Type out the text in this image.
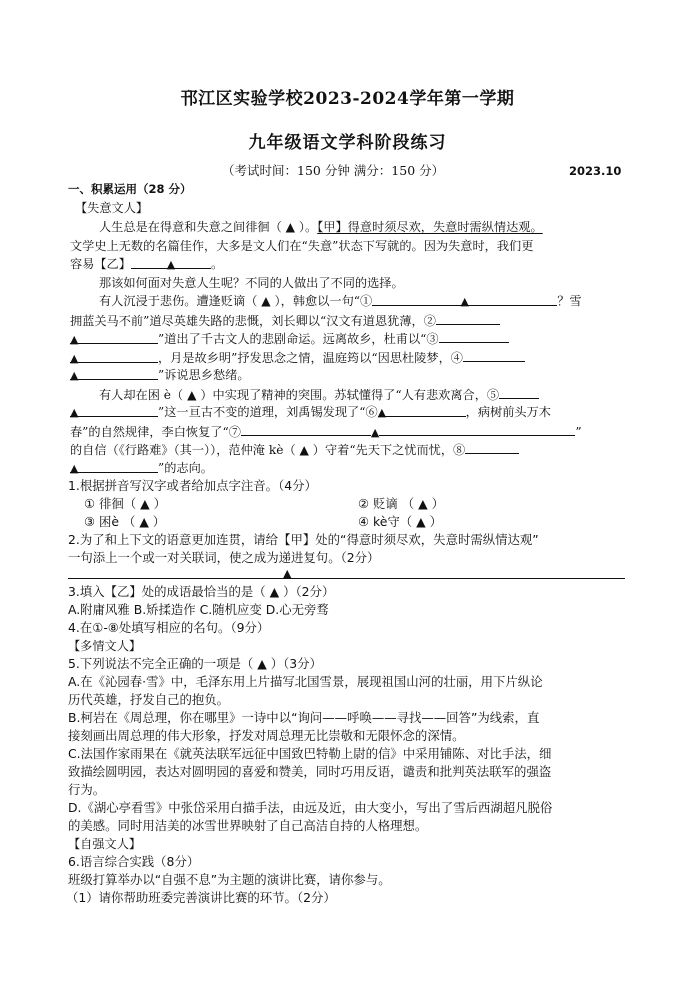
邗江区实验学校2023-2024学年第一学期
九年级语文学科阶段练习
（考试时间：150 分钟 满分：150 分）	2023.10
一、积累运用（28 分）
【失意文人】
人生总是在得意和失意之间徘徊（ ▲ ）。【甲】得意时须尽欢，失意时需纵情达观。
文学史上无数的名篇佳作，大多是文人们在“失意”状态下写就的。因为失意时，我们更
容易【乙】	▲	。
那该如何面对失意人生呢？不同的人做出了不同的选择。
有人沉浸于悲伤。遭逢贬谪（ ▲ ），韩愈以一句“①	▲	？雪
拥蓝关马不前”道尽英雄失路的悲慨，刘长卿以“汉文有道恩犹薄，②
▲	”道出了千古文人的悲剧命运。远离故乡，杜甫以“③
▲	，月是故乡明”抒发思念之情，温庭筠以“因思杜陵梦，④
▲	”诉说思乡愁绪。
有人却在困 è（ ▲ ）中实现了精神的突围。苏轼懂得了“人有悲欢离合，⑤
▲	”这一亘古不变的道理，刘禹锡发现了“⑥▲	，病树前头万木
春”的自然规律，李白恢复了“⑦	▲	”
的自信（《行路难》（其一）），范仲淹 kè（ ▲ ）守着“先天下之忧而忧，⑧
▲	”的志向。
1.根据拼音写汉字或者给加点字注音。（4分）
① 徘徊（ ▲ ）	② 贬谪 （ ▲ ）
③ 困è （ ▲ ）	④ kè守（ ▲ ）
2.为了和上下文的语意更加连贯，请给【甲】处的“得意时须尽欢，失意时需纵情达观”
一句添上一个或一对关联词，使之成为递进复句。（2分）
▲
3.填入【乙】处的成语最恰当的是（ ▲ ）（2分）
A.附庸风雅 B.矫揉造作 C.随机应变 D.心无旁骛
4.在①-⑧处填写相应的名句。（9分）
【多情文人】
5.下列说法不完全正确的一项是（ ▲ ）（3分）
A.在《沁园春·雪》中，毛泽东用上片描写北国雪景，展现祖国山河的壮丽，用下片纵论
历代英雄，抒发自己的抱负。
B.柯岩在《周总理，你在哪里》一诗中以“询问——呼唤——寻找——回答”为线索，直
接刻画出周总理的伟大形象，抒发对周总理无比崇敬和无限怀念的深情。
C.法国作家雨果在《就英法联军远征中国致巴特勒上尉的信》中采用铺陈、对比手法，细
致描绘圆明园，表达对圆明园的喜爱和赞美，同时巧用反语，谴责和批判英法联军的强盗
行为。
D.《湖心亭看雪》中张岱采用白描手法，由远及近，由大变小，写出了雪后西湖超凡脱俗
的美感。同时用洁美的冰雪世界映射了自己高洁自持的人格理想。
【自强文人】
6.语言综合实践（8分）
班级打算举办以“自强不息”为主题的演讲比赛，请你参与。
（1）请你帮助班委完善演讲比赛的环节。（2分）
